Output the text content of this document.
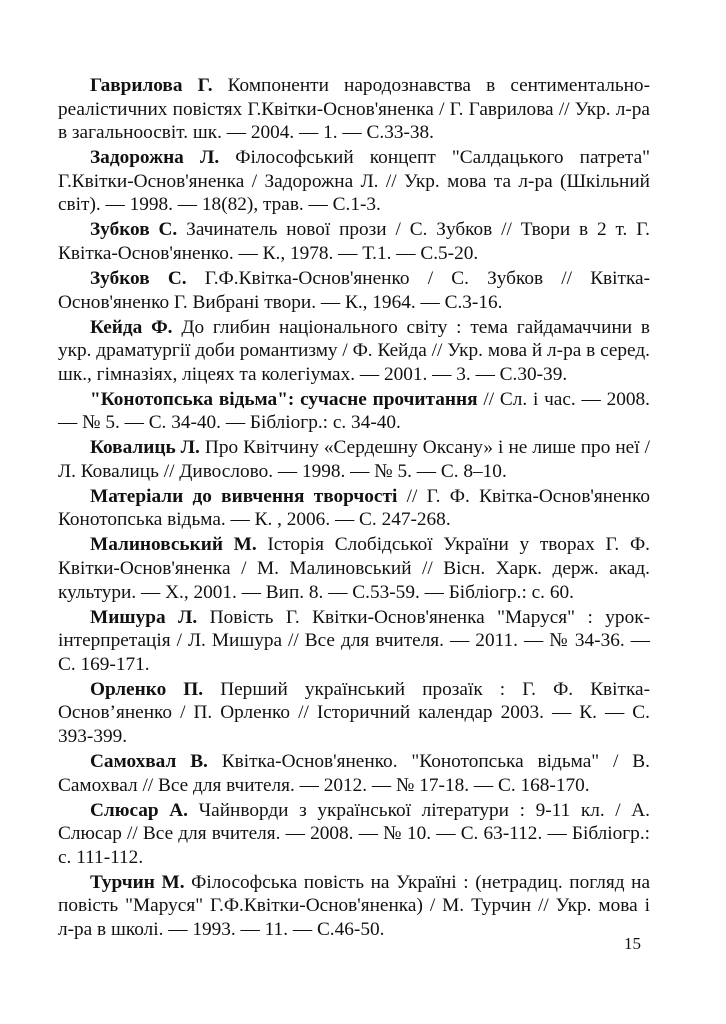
Гаврилова Г. Компоненти народознавства в сентиментально-реалістичних повістях Г.Квітки-Основ'яненка / Г. Гаврилова // Укр. л-ра в загальноосвіт. шк. — 2004. — 1. — С.33-38.

Задорожна Л. Філософський концепт "Салдацького патрета" Г.Квітки-Основ'яненка / Задорожна Л. // Укр. мова та л-ра (Шкільний світ). — 1998. — 18(82), трав. — С.1-3.

Зубков С. Зачинатель нової прози / С. Зубков // Твори в 2 т. Г. Квітка-Основ'яненко. — К., 1978. — Т.1. — С.5-20.

Зубков С. Г.Ф.Квітка-Основ'яненко / С. Зубков // Квітка-Основ'яненко Г. Вибрані твори. — К., 1964. — С.3-16.

Кейда Ф. До глибин національного світу : тема гайдамаччини в укр. драматургії доби романтизму / Ф. Кейда // Укр. мова й л-ра в серед. шк., гімназіях, ліцеях та колегіумах. — 2001. — 3. — С.30-39.

"Конотопська відьма": сучасне прочитання // Сл. і час. — 2008. — № 5. — С. 34-40. — Бібліогр.: с. 34-40.

Ковалиць Л. Про Квітчину «Сердешну Оксану» і не лише про неї / Л. Ковалиць // Дивослово. — 1998. — № 5. — С. 8–10.

Матеріали до вивчення творчості // Г. Ф. Квітка-Основ'яненко Конотопська відьма. — К. , 2006. — С. 247-268.

Малиновський М. Історія Слобідської України у творах Г. Ф. Квітки-Основ'яненка / М. Малиновський // Вісн. Харк. держ. акад. культури. — Х., 2001. — Вип. 8. — С.53-59. — Бібліогр.: с. 60.

Мишура Л. Повість Г. Квітки-Основ'яненка "Маруся" : урок-інтерпретація / Л. Мишура // Все для вчителя. — 2011. — № 34-36. — С. 169-171.

Орленко П. Перший український прозаїк : Г. Ф. Квітка-Основ’яненко / П. Орленко // Історичний календар 2003. — К. — С. 393-399.

Самохвал В. Квітка-Основ'яненко. "Конотопська відьма" / В. Самохвал // Все для вчителя. — 2012. — № 17-18. — С. 168-170.

Слюсар А. Чайнворди з української літератури : 9-11 кл. / А. Слюсар // Все для вчителя. — 2008. — № 10. — С. 63-112. — Бібліогр.: с. 111-112.

Турчин М. Філософська повість на Україні : (нетрадиц. погляд на повість "Маруся" Г.Ф.Квітки-Основ'яненка) / М. Турчин // Укр. мова і л-ра в школі. — 1993. — 11. — С.46-50.

15
